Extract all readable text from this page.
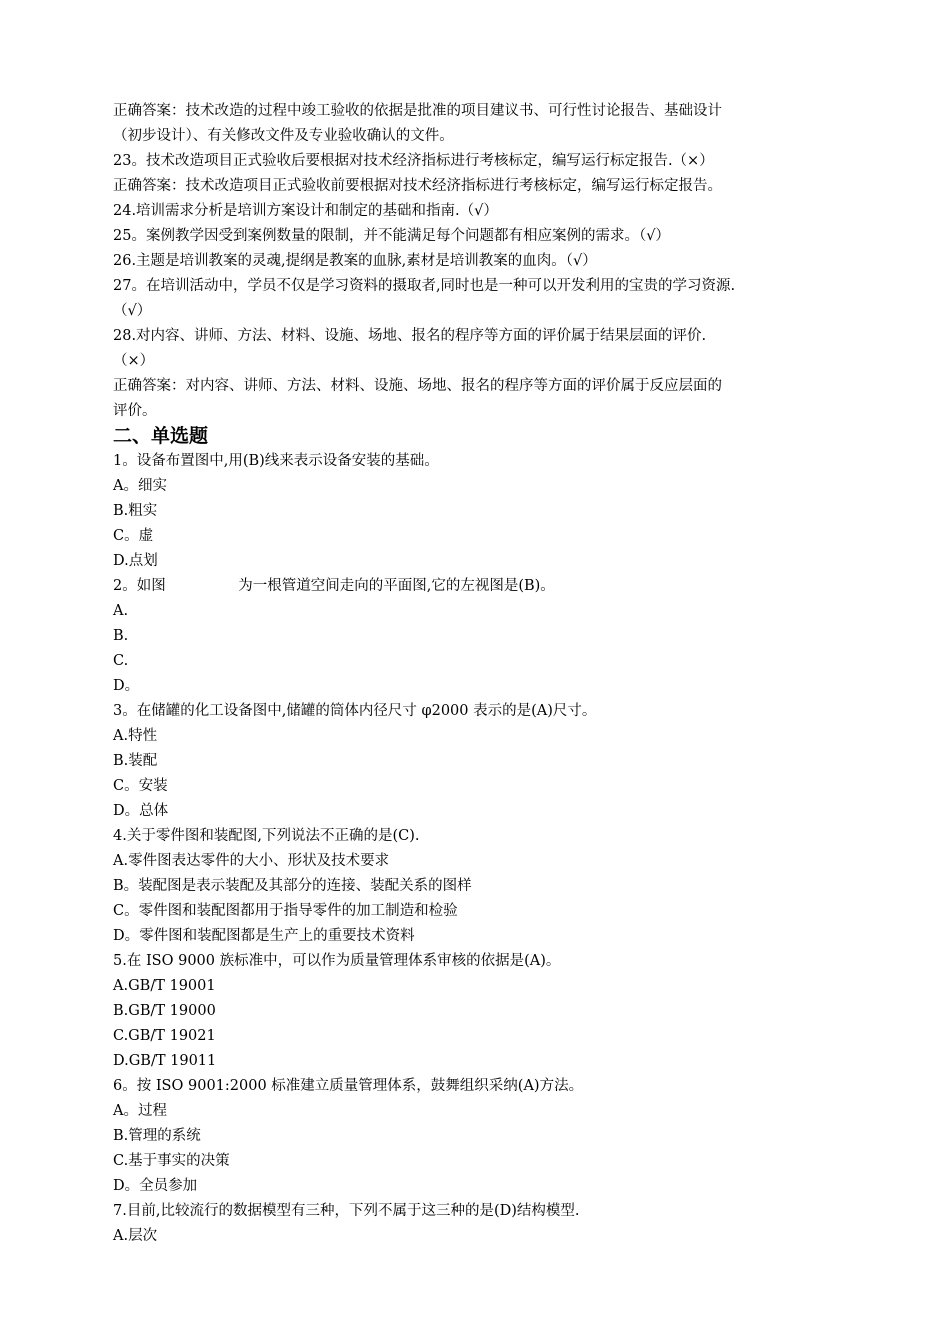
正确答案：技术改造的过程中竣工验收的依据是批准的项目建议书、可行性讨论报告、基础设计
（初步设计）、有关修改文件及专业验收确认的文件。
23。技术改造项目正式验收后要根据对技术经济指标进行考核标定，编写运行标定报告.（×）
正确答案：技术改造项目正式验收前要根据对技术经济指标进行考核标定，编写运行标定报告。
24.培训需求分析是培训方案设计和制定的基础和指南.（√）
25。案例教学因受到案例数量的限制，并不能满足每个问题都有相应案例的需求。（√）
26.主题是培训教案的灵魂,提纲是教案的血脉,素材是培训教案的血肉。（√）
27。在培训活动中，学员不仅是学习资料的摄取者,同时也是一种可以开发利用的宝贵的学习资源.
（√）
28.对内容、讲师、方法、材料、设施、场地、报名的程序等方面的评价属于结果层面的评价.
（×）
正确答案：对内容、讲师、方法、材料、设施、场地、报名的程序等方面的评价属于反应层面的
评价。
二、单选题
1。设备布置图中,用(B)线来表示设备安装的基础。
A。细实
B.粗实
C。虚
D.点划
2。如图　　　　　为一根管道空间走向的平面图,它的左视图是(B)。
A.
B.
C.
D。
3。在储罐的化工设备图中,储罐的筒体内径尺寸 φ2000 表示的是(A)尺寸。
A.特性
B.装配
C。安装
D。总体
4.关于零件图和装配图,下列说法不正确的是(C).
A.零件图表达零件的大小、形状及技术要求
B。装配图是表示装配及其部分的连接、装配关系的图样
C。零件图和装配图都用于指导零件的加工制造和检验
D。零件图和装配图都是生产上的重要技术资料
5.在 ISO 9000 族标准中，可以作为质量管理体系审核的依据是(A)。
A.GB/T 19001
B.GB/T 19000
C.GB/T 19021
D.GB/T 19011
6。按 ISO 9001:2000 标准建立质量管理体系，鼓舞组织采纳(A)方法。
A。过程
B.管理的系统
C.基于事实的决策
D。全员参加
7.目前,比较流行的数据模型有三种，下列不属于这三种的是(D)结构模型.
A.层次
